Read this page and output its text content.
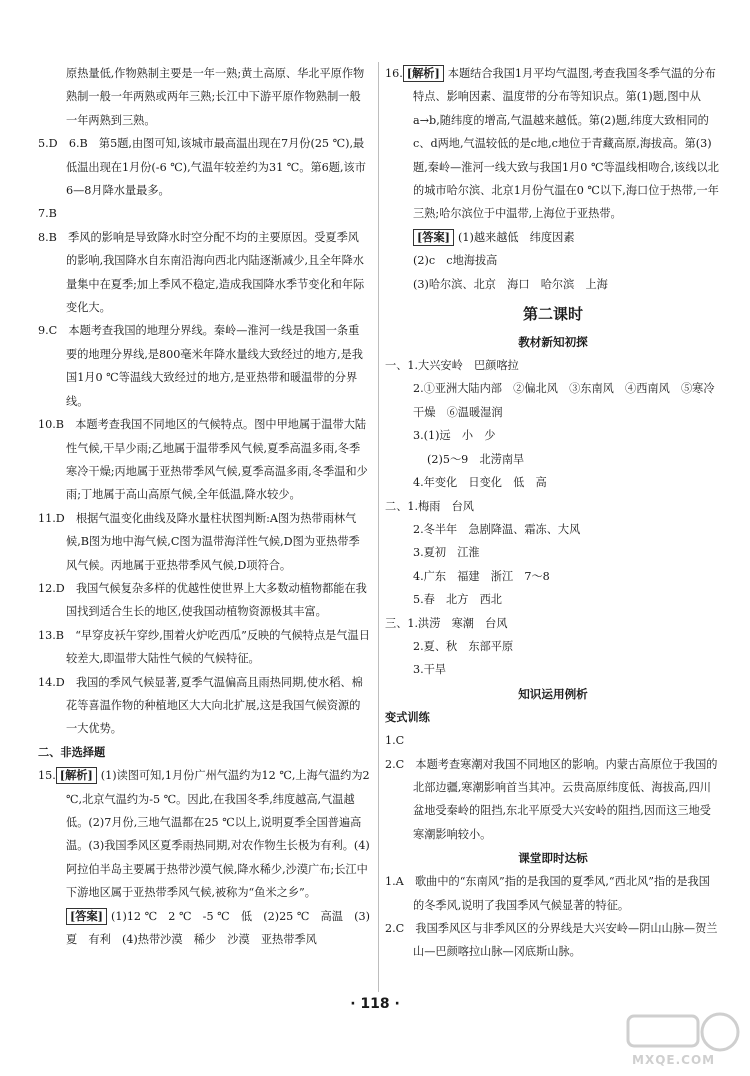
原热量低,作物熟制主要是一年一熟;黄土高原、华北平原作物熟制一般一年两熟或两年三熟;长江中下游平原作物熟制一般一年两熟到三熟。

5.D　6.B　第5题,由图可知,该城市最高温出现在7月份(25 ℃),最低温出现在1月份(-6 ℃),气温年较差约为31 ℃。第6题,该市6—8月降水量最多。

7.B

8.B　季风的影响是导致降水时空分配不均的主要原因。受夏季风的影响,我国降水自东南沿海向西北内陆逐渐减少,且全年降水量集中在夏季;加上季风不稳定,造成我国降水季节变化和年际变化大。

9.C　本题考查我国的地理分界线。秦岭—淮河一线是我国一条重要的地理分界线,是800毫米年降水量线大致经过的地方,是我国1月0 ℃等温线大致经过的地方,是亚热带和暖温带的分界线。

10.B　本题考查我国不同地区的气候特点。图中甲地属于温带大陆性气候,干旱少雨;乙地属于温带季风气候,夏季高温多雨,冬季寒冷干燥;丙地属于亚热带季风气候,夏季高温多雨,冬季温和少雨;丁地属于高山高原气候,全年低温,降水较少。

11.D　根据气温变化曲线及降水量柱状图判断:A图为热带雨林气候,B图为地中海气候,C图为温带海洋性气候,D图为亚热带季风气候。丙地属于亚热带季风气候,D项符合。

12.D　我国气候复杂多样的优越性使世界上大多数动植物都能在我国找到适合生长的地区,使我国动植物资源极其丰富。

13.B　“早穿皮袄午穿纱,围着火炉吃西瓜”反映的气候特点是气温日较差大,即温带大陆性气候的气候特征。

14.D　我国的季风气候显著,夏季气温偏高且雨热同期,使水稻、棉花等喜温作物的种植地区大大向北扩展,这是我国气候资源的一大优势。

二、非选择题

15. [解析] (1)读图可知,1月份广州气温约为12 ℃,上海气温约为2 ℃,北京气温约为-5 ℃。因此,在我国冬季,纬度越高,气温越低。(2)7月份,三地气温都在25 ℃以上,说明夏季全国普遍高温。(3)我国季风区夏季雨热同期,对农作物生长极为有利。(4)阿拉伯半岛主要属于热带沙漠气候,降水稀少,沙漠广布;长江中下游地区属于亚热带季风气候,被称为“鱼米之乡”。

[答案] (1)12 ℃　2 ℃　-5 ℃　低　(2)25 ℃　高温　(3)夏　有利　(4)热带沙漠　稀少　沙漠　亚热带季风

16. [解析] 本题结合我国1月平均气温图,考查我国冬季气温的分布特点、影响因素、温度带的分布等知识点。第(1)题,图中从a→b,随纬度的增高,气温越来越低。第(2)题,纬度大致相同的c、d两地,气温较低的是c地,c地位于青藏高原,海拔高。第(3)题,秦岭—淮河一线大致与我国1月0 ℃等温线相吻合,该线以北的城市哈尔滨、北京1月份气温在0 ℃以下,海口位于热带,一年三熟;哈尔滨位于中温带,上海位于亚热带。

[答案] (1)越来越低　纬度因素

(2)c　c地海拔高

(3)哈尔滨、北京　海口　哈尔滨　上海

第二课时
教材新知初探

一、1.大兴安岭　巴颜喀拉

2.①亚洲大陆内部　②偏北风　③东南风　④西南风　⑤寒冷干燥　⑥温暖湿润

3.(1)远　小　少

(2)5～9　北涝南旱

4.年变化　日变化　低　高

二、1.梅雨　台风

2.冬半年　急剧降温、霜冻、大风

3.夏初　江淮

4.广东　福建　浙江　7～8

5.春　北方　西北

三、1.洪涝　寒潮　台风

2.夏、秋　东部平原

3.干旱

知识运用例析

变式训练

1.C

2.C　本题考查寒潮对我国不同地区的影响。内蒙古高原位于我国的北部边疆,寒潮影响首当其冲。云贵高原纬度低、海拔高,四川盆地受秦岭的阻挡,东北平原受大兴安岭的阻挡,因而这三地受寒潮影响较小。

课堂即时达标

1.A　歌曲中的“东南风”指的是我国的夏季风,“西北风”指的是我国的冬季风,说明了我国季风气候显著的特征。

2.C　我国季风区与非季风区的分界线是大兴安岭—阴山山脉—贺兰山—巴颜喀拉山脉—冈底斯山脉。

· 118 ·
MXQE.COM
